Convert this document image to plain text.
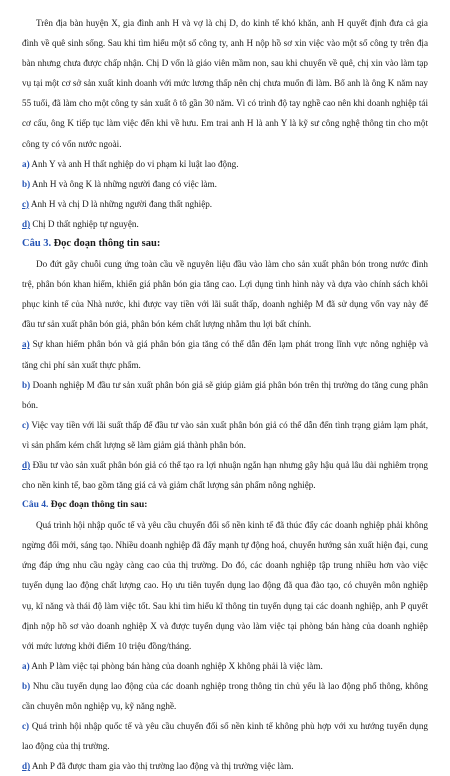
Trên địa bàn huyện X, gia đình anh H và vợ là chị D, do kinh tế khó khăn, anh H quyết định đưa cả gia đình về quê sinh sống. Sau khi tìm hiểu một số công ty, anh H nộp hồ sơ xin việc vào một số công ty trên địa bàn nhưng chưa được chấp nhận. Chị D vốn là giáo viên mầm non, sau khi chuyển về quê, chị xin vào làm tạp vụ tại một cơ sở sản xuất kinh doanh với mức lương thấp nên chị chưa muốn đi làm. Bố anh là ông K năm nay 55 tuổi, đã làm cho một công ty sản xuất ô tô gần 30 năm. Vì có trình độ tay nghề cao nên khi doanh nghiệp tái cơ cấu, ông K tiếp tục làm việc đến khi về hưu. Em trai anh H là anh Y là kỹ sư công nghệ thông tin cho một công ty có vốn nước ngoài.

a) Anh Y và anh H thất nghiệp do vi phạm kỉ luật lao động.

b) Anh H và ông K là những người đang có việc làm.

c) Anh H và chị D là những người đang thất nghiệp.

d) Chị D thất nghiệp tự nguyện.

Câu 3. Đọc đoạn thông tin sau:

Do đứt gãy chuỗi cung ứng toàn cầu về nguyên liệu đầu vào làm cho sản xuất phân bón trong nước đình trệ, phân bón khan hiếm, khiến giá phân bón gia tăng cao. Lợi dụng tình hình này và dựa vào chính sách khôi phục kinh tế của Nhà nước, khi được vay tiền với lãi suất thấp, doanh nghiệp M đã sử dụng vốn vay này để đầu tư sản xuất phân bón giả, phân bón kém chất lượng nhằm thu lợi bất chính.

a) Sự khan hiếm phân bón và giá phân bón gia tăng có thể dẫn đến lạm phát trong lĩnh vực nông nghiệp và tăng chi phí sản xuất thực phẩm.

b) Doanh nghiệp M đầu tư sản xuất phân bón giả sẽ giúp giảm giá phân bón trên thị trường do tăng cung phân bón.

c) Việc vay tiền với lãi suất thấp để đầu tư vào sản xuất phân bón giả có thể dẫn đến tình trạng giảm lạm phát, vì sản phẩm kém chất lượng sẽ làm giảm giá thành phân bón.

d) Đầu tư vào sản xuất phân bón giả có thể tạo ra lợi nhuận ngắn hạn nhưng gây hậu quả lâu dài nghiêm trọng cho nền kinh tế, bao gồm tăng giá cả và giảm chất lượng sản phẩm nông nghiệp.

Câu 4. Đọc đoạn thông tin sau:

Quá trình hội nhập quốc tế và yêu cầu chuyển đổi số nền kinh tế đã thúc đẩy các doanh nghiệp phải không ngừng đổi mới, sáng tạo. Nhiều doanh nghiệp đã đẩy mạnh tự động hoá, chuyển hướng sản xuất hiện đại, cung ứng đáp ứng nhu cầu ngày càng cao của thị trường. Do đó, các doanh nghiệp tập trung nhiều hơn vào việc tuyển dụng lao động chất lượng cao. Họ ưu tiên tuyển dụng lao động đã qua đào tạo, có chuyên môn nghiệp vụ, kĩ năng và thái độ làm việc tốt. Sau khi tìm hiểu kĩ thông tin tuyển dụng tại các doanh nghiệp, anh P quyết định nộp hồ sơ vào doanh nghiệp X và được tuyển dụng vào làm việc tại phòng bán hàng của doanh nghiệp với mức lương khởi điểm 10 triệu đồng/tháng.

a) Anh P làm việc tại phòng bán hàng của doanh nghiệp X không phải là việc làm.

b) Nhu cầu tuyển dụng lao động của các doanh nghiệp trong thông tin chủ yếu là lao động phổ thông, không cần chuyên môn nghiệp vụ, kỹ năng nghề.

c) Quá trình hội nhập quốc tế và yêu cầu chuyển đổi số nền kinh tế không phù hợp với xu hướng tuyển dụng lao động của thị trường.

d) Anh P đã được tham gia vào thị trường lao động và thị trường việc làm.
